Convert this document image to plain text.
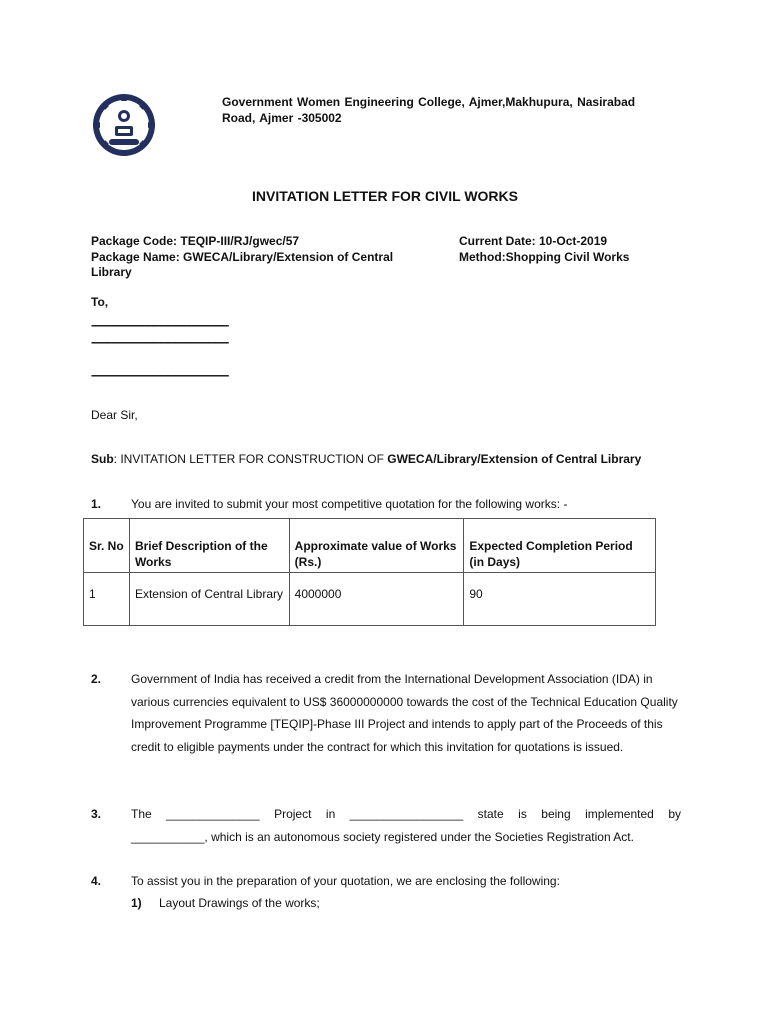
Government Women Engineering College, Ajmer,Makhupura, Nasirabad Road, Ajmer -305002
INVITATION LETTER FOR CIVIL WORKS
Package Code: TEQIP-III/RJ/gwec/57
Package Name: GWECA/Library/Extension of Central Library
Current Date: 10-Oct-2019
Method:Shopping Civil Works
To,
-------------------------------------------------
-------------------------------------------------
-------------------------------------------------
Dear Sir,
Sub: INVITATION LETTER FOR CONSTRUCTION OF GWECA/Library/Extension of Central Library
1. You are invited to submit your most competitive quotation for the following works: -
Sr. No	Brief Description of the Works	Approximate value of Works (Rs.)	Expected Completion Period (in Days)
1	Extension of Central Library	4000000	90
2. Government of India has received a credit from the International Development Association (IDA) in various currencies equivalent to US$ 36000000000 towards the cost of the Technical Education Quality Improvement Programme [TEQIP]-Phase III Project and intends to apply part of the Proceeds of this credit to eligible payments under the contract for which this invitation for quotations is issued.
3. The ______________ Project in _________________ state is being implemented by
___________, which is an autonomous society registered under the Societies Registration Act.
4. To assist you in the preparation of your quotation, we are enclosing the following:
1) Layout Drawings of the works;
